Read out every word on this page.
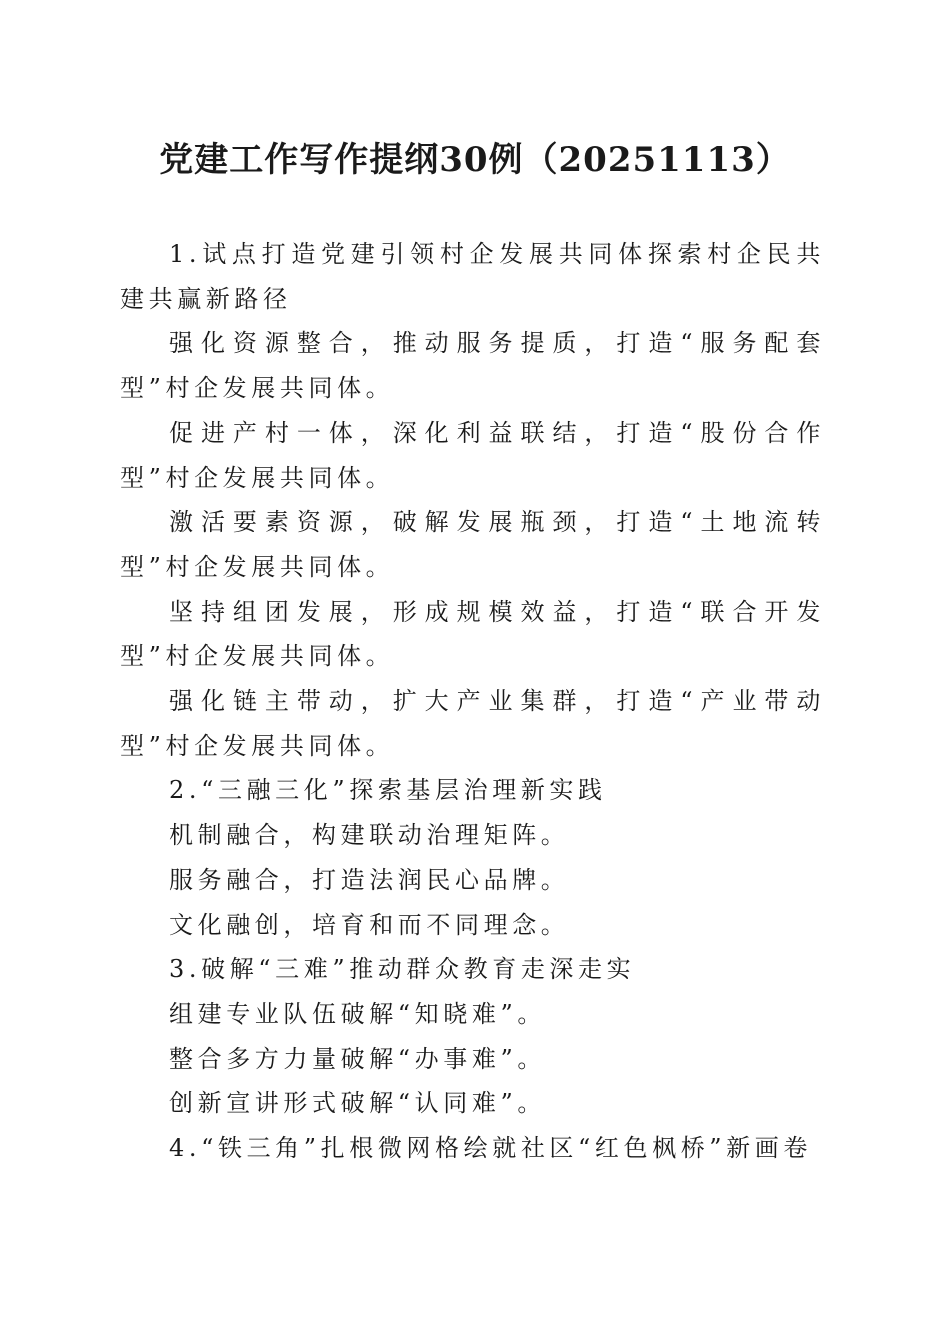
党建工作写作提纲30例（20251113）

1.试点打造党建引领村企发展共同体探索村企民共建共赢新路径

强化资源整合，推动服务提质，打造“服务配套型”村企发展共同体。

促进产村一体，深化利益联结，打造“股份合作型”村企发展共同体。

激活要素资源，破解发展瓶颈，打造“土地流转型”村企发展共同体。

坚持组团发展，形成规模效益，打造“联合开发型”村企发展共同体。

强化链主带动，扩大产业集群，打造“产业带动型”村企发展共同体。

2.“三融三化”探索基层治理新实践

机制融合，构建联动治理矩阵。

服务融合，打造法润民心品牌。

文化融创，培育和而不同理念。

3.破解“三难”推动群众教育走深走实

组建专业队伍破解“知晓难”。

整合多方力量破解“办事难”。

创新宣讲形式破解“认同难”。

4.“铁三角”扎根微网格绘就社区“红色枫桥”新画卷
